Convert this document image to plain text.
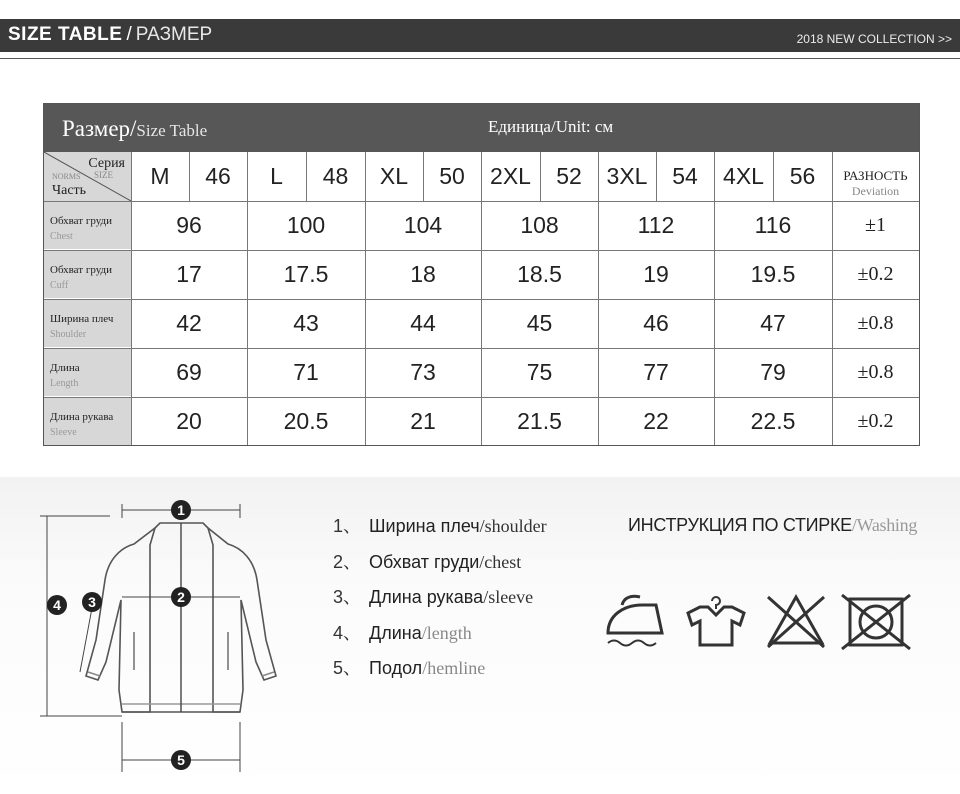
SIZE TABLE / РАЗМЕР	2018 NEW COLLECTION >>
Размер/Size Table	Единица/Unit: см
Серия
NORMS SIZE
Часть
M	46	L	48	XL	50	2XL	52	3XL	54	4XL	56	РАЗНОСТЬ
Deviation
Обхват груди
Chest	96	100	104	108	112	116	±1
Обхват груди
Cuff	17	17.5	18	18.5	19	19.5	±0.2
Ширина плеч
Shoulder	42	43	44	45	46	47	±0.8
Длина
Length	69	71	73	75	77	79	±0.8
Длина рукава
Sleeve	20	20.5	21	21.5	22	22.5	±0.2
1
2
3
4
5
1、 Ширина плеч/shoulder
2、 Обхват груди/chest
3、 Длина рукава/sleeve
4、 Длина/length
5、 Подол/hemline
ИНСТРУКЦИЯ ПО СТИРКЕ/Washing
